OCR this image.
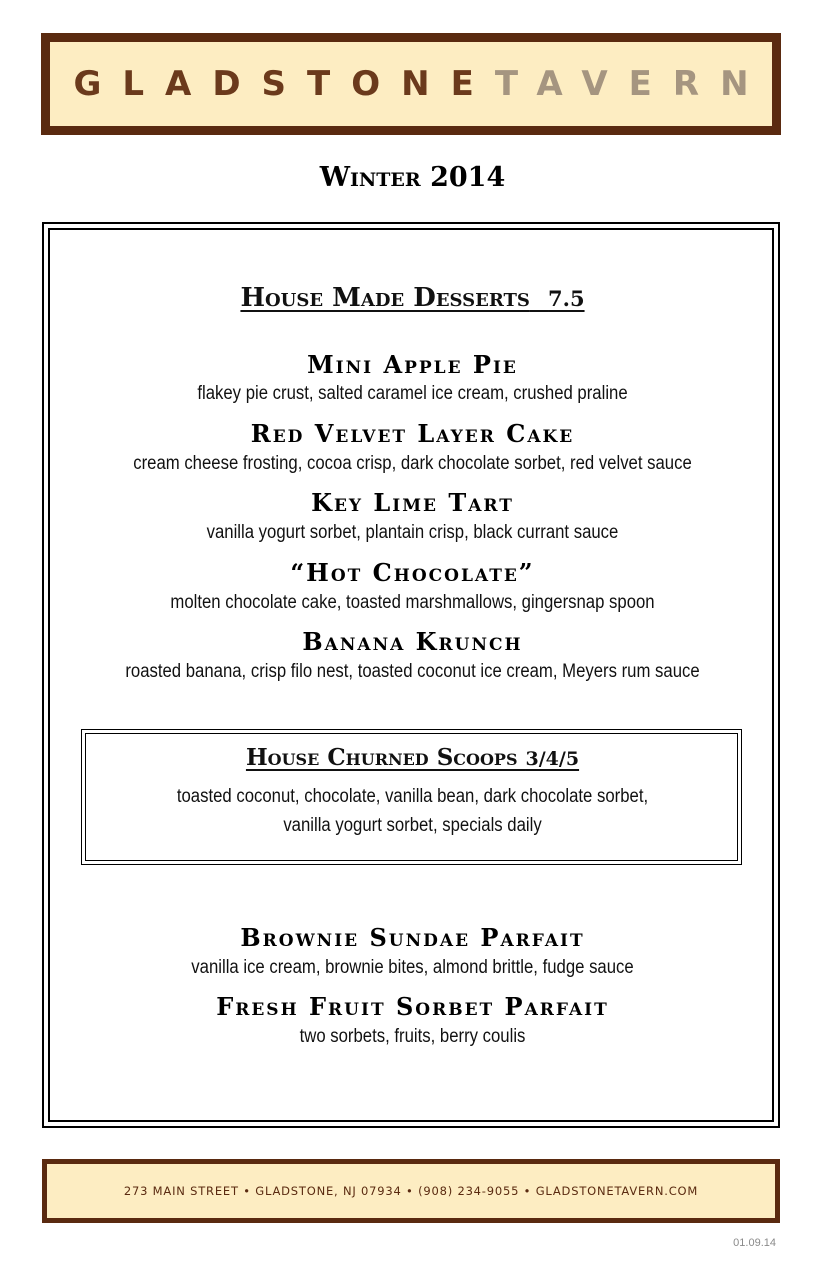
GLADSTONETAVERN
Winter 2014
House Made Desserts 7.5
Mini Apple Pie
flakey pie crust, salted caramel ice cream, crushed praline
Red Velvet Layer Cake
cream cheese frosting, cocoa crisp, dark chocolate sorbet, red velvet sauce
Key Lime Tart
vanilla yogurt sorbet, plantain crisp, black currant sauce
“Hot Chocolate”
molten chocolate cake, toasted marshmallows, gingersnap spoon
Banana Krunch
roasted banana, crisp filo nest, toasted coconut ice cream, Meyers rum sauce
House Churned Scoops 3/4/5
toasted coconut, chocolate, vanilla bean, dark chocolate sorbet,
vanilla yogurt sorbet, specials daily
Brownie Sundae Parfait
vanilla ice cream, brownie bites, almond brittle, fudge sauce
Fresh Fruit Sorbet Parfait
two sorbets, fruits, berry coulis
273 MAIN STREET • GLADSTONE, NJ 07934 • (908) 234-9055 • GLADSTONETAVERN.COM
01.09.14
